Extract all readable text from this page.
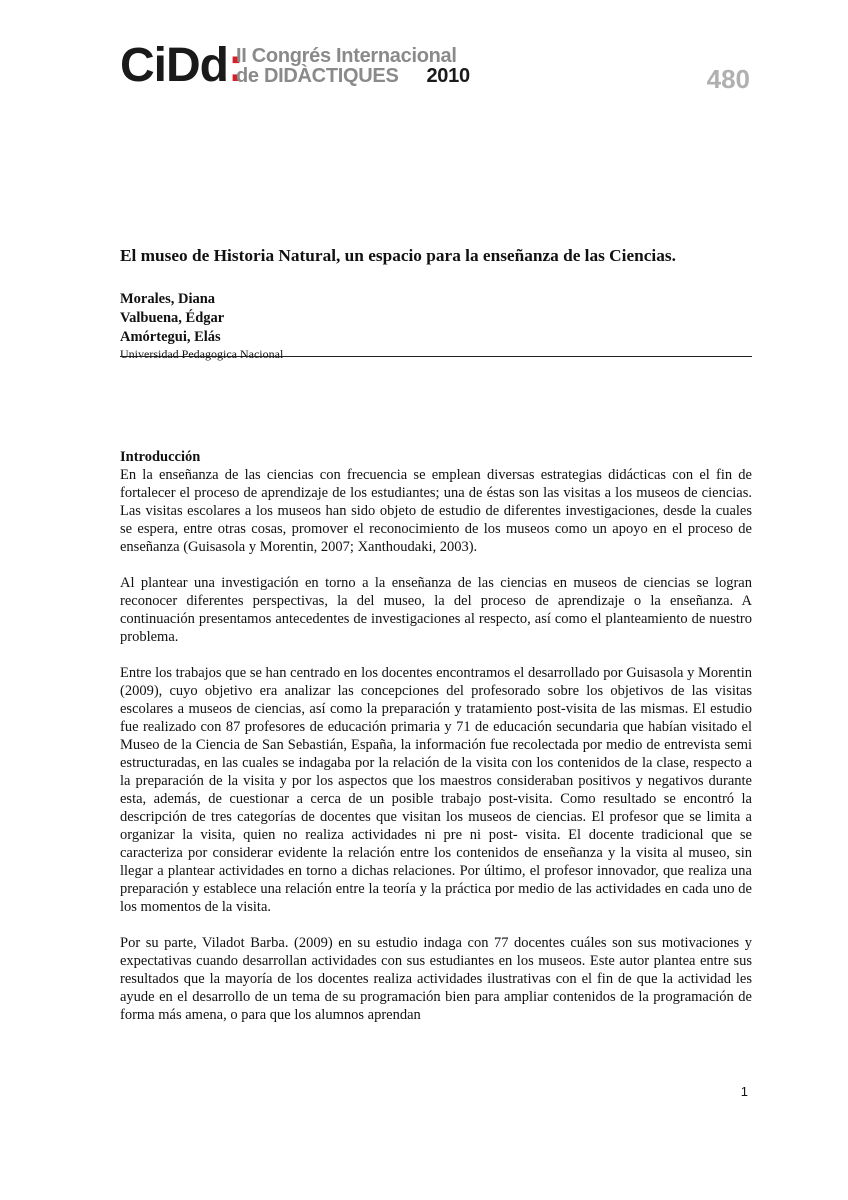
CiDd:
II Congrés Internacional
de DIDÀCTIQUES 2010	480
El museo de Historia Natural, un espacio para la enseñanza de las Ciencias.
Morales, Diana
Valbuena, Édgar
Amórtegui, Elás
Universidad Pedagogica Nacional
Introducción

En la enseñanza de las ciencias con frecuencia se emplean diversas estrategias didácticas con el fin de fortalecer el proceso de aprendizaje de los estudiantes; una de éstas son las visitas a los museos de ciencias. Las visitas escolares a los museos han sido objeto de estudio de diferentes investigaciones, desde la cuales se espera, entre otras cosas, promover el reconocimiento de los museos como un apoyo en el proceso de enseñanza (Guisasola y Morentin, 2007; Xanthoudaki, 2003).

Al plantear una investigación en torno a la enseñanza de las ciencias en museos de ciencias se logran reconocer diferentes perspectivas, la del museo, la del proceso de aprendizaje o la enseñanza. A continuación presentamos antecedentes de investigaciones al respecto, así como el planteamiento de nuestro problema.

Entre los trabajos que se han centrado en los docentes encontramos el desarrollado por Guisasola y Morentin (2009), cuyo objetivo era analizar las concepciones del profesorado sobre los objetivos de las visitas escolares a museos de ciencias, así como la preparación y tratamiento post-visita de las mismas. El estudio fue realizado con 87 profesores de educación primaria y 71 de educación secundaria que habían visitado el Museo de la Ciencia de San Sebastián, España, la información fue recolectada por medio de entrevista semi estructuradas, en las cuales se indagaba por la relación de la visita con los contenidos de la clase, respecto a la preparación de la visita y por los aspectos que los maestros consideraban positivos y negativos durante esta, además, de cuestionar a cerca de un posible trabajo post-visita. Como resultado se encontró la descripción de tres categorías de docentes que visitan los museos de ciencias. El profesor que se limita a organizar la visita, quien no realiza actividades ni pre ni post- visita. El docente tradicional que se caracteriza por considerar evidente la relación entre los contenidos de enseñanza y la visita al museo, sin llegar a plantear actividades en torno a dichas relaciones. Por último, el profesor innovador, que realiza una preparación y establece una relación entre la teoría y la práctica por medio de las actividades en cada uno de los momentos de la visita.

Por su parte, Viladot Barba. (2009) en su estudio indaga con 77 docentes cuáles son sus motivaciones y expectativas cuando desarrollan actividades con sus estudiantes en los museos. Este autor plantea entre sus resultados que la mayoría de los docentes realiza actividades ilustrativas con el fin de que la actividad les ayude en el desarrollo de un tema de su programación bien para ampliar contenidos de la programación de forma más amena, o para que los alumnos aprendan

1
